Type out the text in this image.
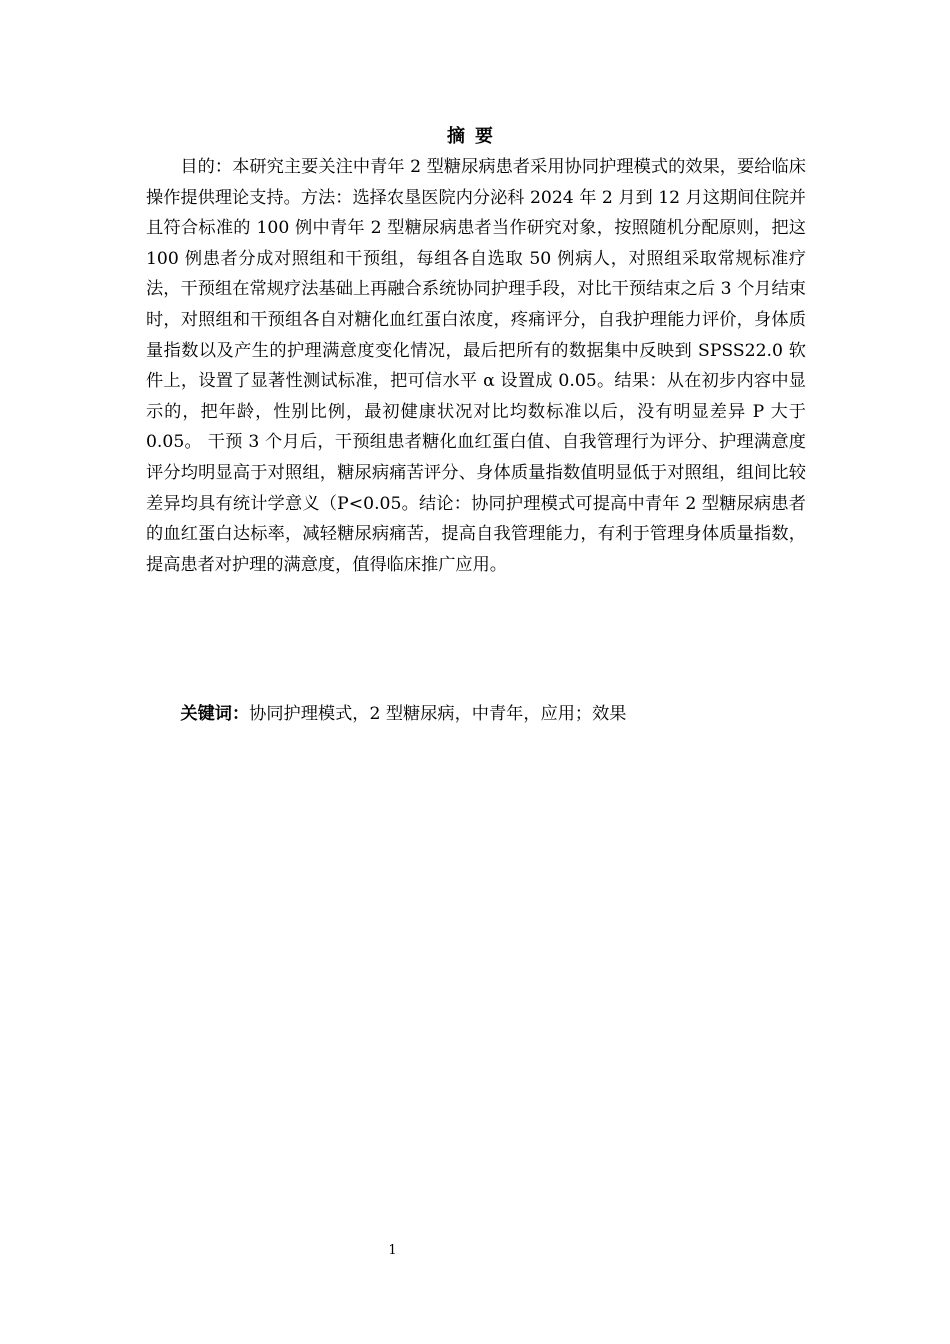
摘要

目的：本研究主要关注中青年 2 型糖尿病患者采用协同护理模式的效果，要给临床操作提供理论支持。方法：选择农垦医院内分泌科 2024 年 2 月到 12 月这期间住院并且符合标准的 100 例中青年 2 型糖尿病患者当作研究对象，按照随机分配原则，把这 100 例患者分成对照组和干预组，每组各自选取 50 例病人，对照组采取常规标准疗法，干预组在常规疗法基础上再融合系统协同护理手段，对比干预结束之后 3 个月结束时，对照组和干预组各自对糖化血红蛋白浓度，疼痛评分，自我护理能力评价，身体质量指数以及产生的护理满意度变化情况，最后把所有的数据集中反映到 SPSS22.0 软件上，设置了显著性测试标准，把可信水平 α 设置成 0.05。结果：从在初步内容中显示的，把年龄，性别比例，最初健康状况对比均数标准以后，没有明显差异 P 大于 0.05。 干预 3 个月后，干预组患者糖化血红蛋白值、自我管理行为评分、护理满意度评分均明显高于对照组，糖尿病痛苦评分、身体质量指数值明显低于对照组，组间比较差异均具有统计学意义（P<0.05。结论：协同护理模式可提高中青年 2 型糖尿病患者的血红蛋白达标率，减轻糖尿病痛苦，提高自我管理能力，有利于管理身体质量指数，提高患者对护理的满意度，值得临床推广应用。

关键词：协同护理模式，2 型糖尿病，中青年，应用；效果

1
